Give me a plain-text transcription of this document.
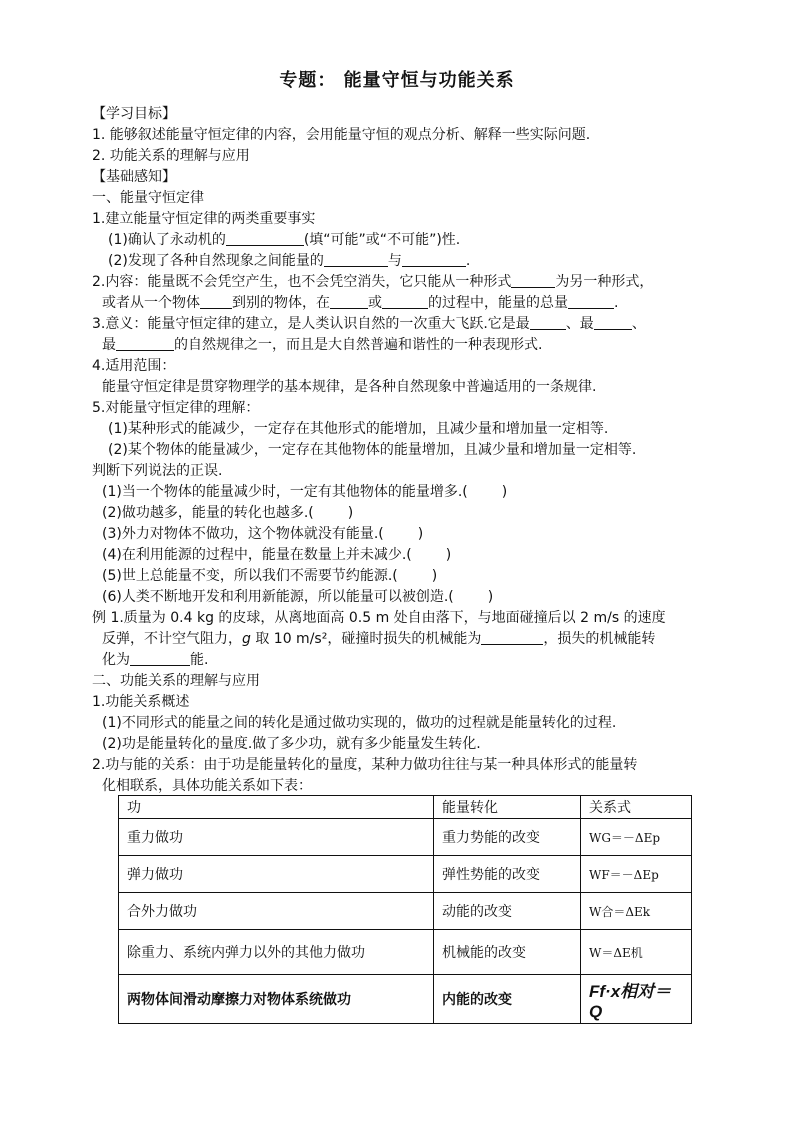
专题： 能量守恒与功能关系
【学习目标】
1. 能够叙述能量守恒定律的内容，会用能量守恒的观点分析、解释一些实际问题.
2. 功能关系的理解与应用
【基础感知】
一、能量守恒定律
1.建立能量守恒定律的两类重要事实
(1)确认了永动机的	(填“可能”或“不可能”)性.
(2)发现了各种自然现象之间能量的	与	.
2.内容：能量既不会凭空产生，也不会凭空消失，它只能从一种形式	为另一种形式，
或者从一个物体 到别的物体，在	或	的过程中，能量的总量	.
3.意义：能量守恒定律的建立，是人类认识自然的一次重大飞跃.它是最	、最	、
最	的自然规律之一，而且是大自然普遍和谐性的一种表现形式.
4.适用范围：
能量守恒定律是贯穿物理学的基本规律，是各种自然现象中普遍适用的一条规律.
5.对能量守恒定律的理解：
(1)某种形式的能减少，一定存在其他形式的能增加，且减少量和增加量一定相等.
(2)某个物体的能量减少，一定存在其他物体的能量增加，且减少量和增加量一定相等.
判断下列说法的正误.
(1)当一个物体的能量减少时，一定有其他物体的能量增多.( )
(2)做功越多，能量的转化也越多.( )
(3)外力对物体不做功，这个物体就没有能量.( )
(4)在利用能源的过程中，能量在数量上并未减少.( )
(5)世上总能量不变，所以我们不需要节约能源.( )
(6)人类不断地开发和利用新能源，所以能量可以被创造.( )
例 1.质量为 0.4 kg 的皮球，从离地面高 0.5 m 处自由落下，与地面碰撞后以 2 m/s 的速度
反弹，不计空气阻力，g 取 10 m/s²，碰撞时损失的机械能为	，损失的机械能转
化为	能.
二、功能关系的理解与应用
1.功能关系概述
(1)不同形式的能量之间的转化是通过做功实现的，做功的过程就是能量转化的过程.
(2)功是能量转化的量度.做了多少功，就有多少能量发生转化.
2.功与能的关系：由于功是能量转化的量度，某种力做功往往与某一种具体形式的能量转
化相联系，具体功能关系如下表：
功	能量转化	关系式
重力做功	重力势能的改变	WG＝－ΔEp
弹力做功	弹性势能的改变	WF＝－ΔEp
合外力做功	动能的改变	W合＝ΔEk
除重力、系统内弹力以外的其他力做功	机械能的改变	W＝ΔE机
两物体间滑动摩擦力对物体系统做功	内能的改变	Ff·x相对＝Q
